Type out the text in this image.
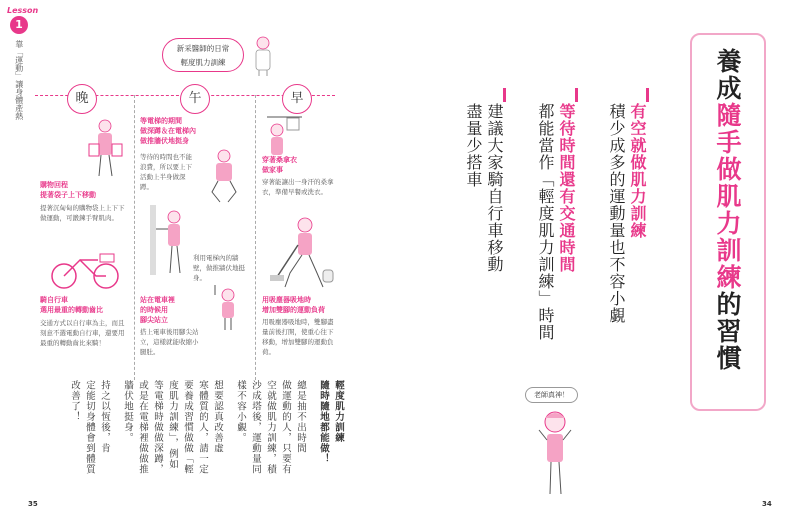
Lesson
1
靠「運動」讓身體產熱	新采醫師的日常
輕度肌力訓練
晚	午	早
購物回程
提著袋子上下移動
提著沉甸甸的購物袋上上下下做運動，可鍛鍊手臂肌肉。
騎自行車
選用最重的轉動齒比
交通方式以自行車為主，而且刻意不選電動自行車，還要用最重的轉動齒比來騎！
等電梯的期間
做深蹲＆在電梯內
做推牆伏地挺身
等待的時間也不能浪費，所以要上下活動上半身做深蹲。
利用電梯內的牆壁，做推牆伏地挺身。
站在電車裡
的時候用
腳尖站立
搭上電車後用腳尖站立，這樣就能收縮小腿肚。
穿著桑拿衣
做家事
穿著能讓出一身汗的桑拿衣，準備早餐或洗衣。
用吸塵器吸地時
增加雙腳的運動負荷
用吸塵器吸地時，雙腳盡量前後打開，使重心往下移動，增加雙腳的運動負荷。
輕度肌力訓練
隨時隨地都能做！
總是抽不出時間
做運動的人，只要有
空就做肌力訓練，積
沙成塔後，運動量同
樣不容小覷。
想要認真改善虛
寒體質的人，請一定
要養成習慣做做「輕
度肌力訓練」，例如
等電梯時做做深蹲，
或是在電梯裡做做推
牆伏地挺身。
持之以恆後，肯
定能切身體會到體質
改善了！
35
養成隨手做肌力訓練的習慣
有空就做肌力訓練
積少成多的運動量也不容小覷
等待時間還有交通時間
都能當作「輕度肌力訓練」時間
建議大家騎自行車移動
盡量少搭車
老師真神！
34
